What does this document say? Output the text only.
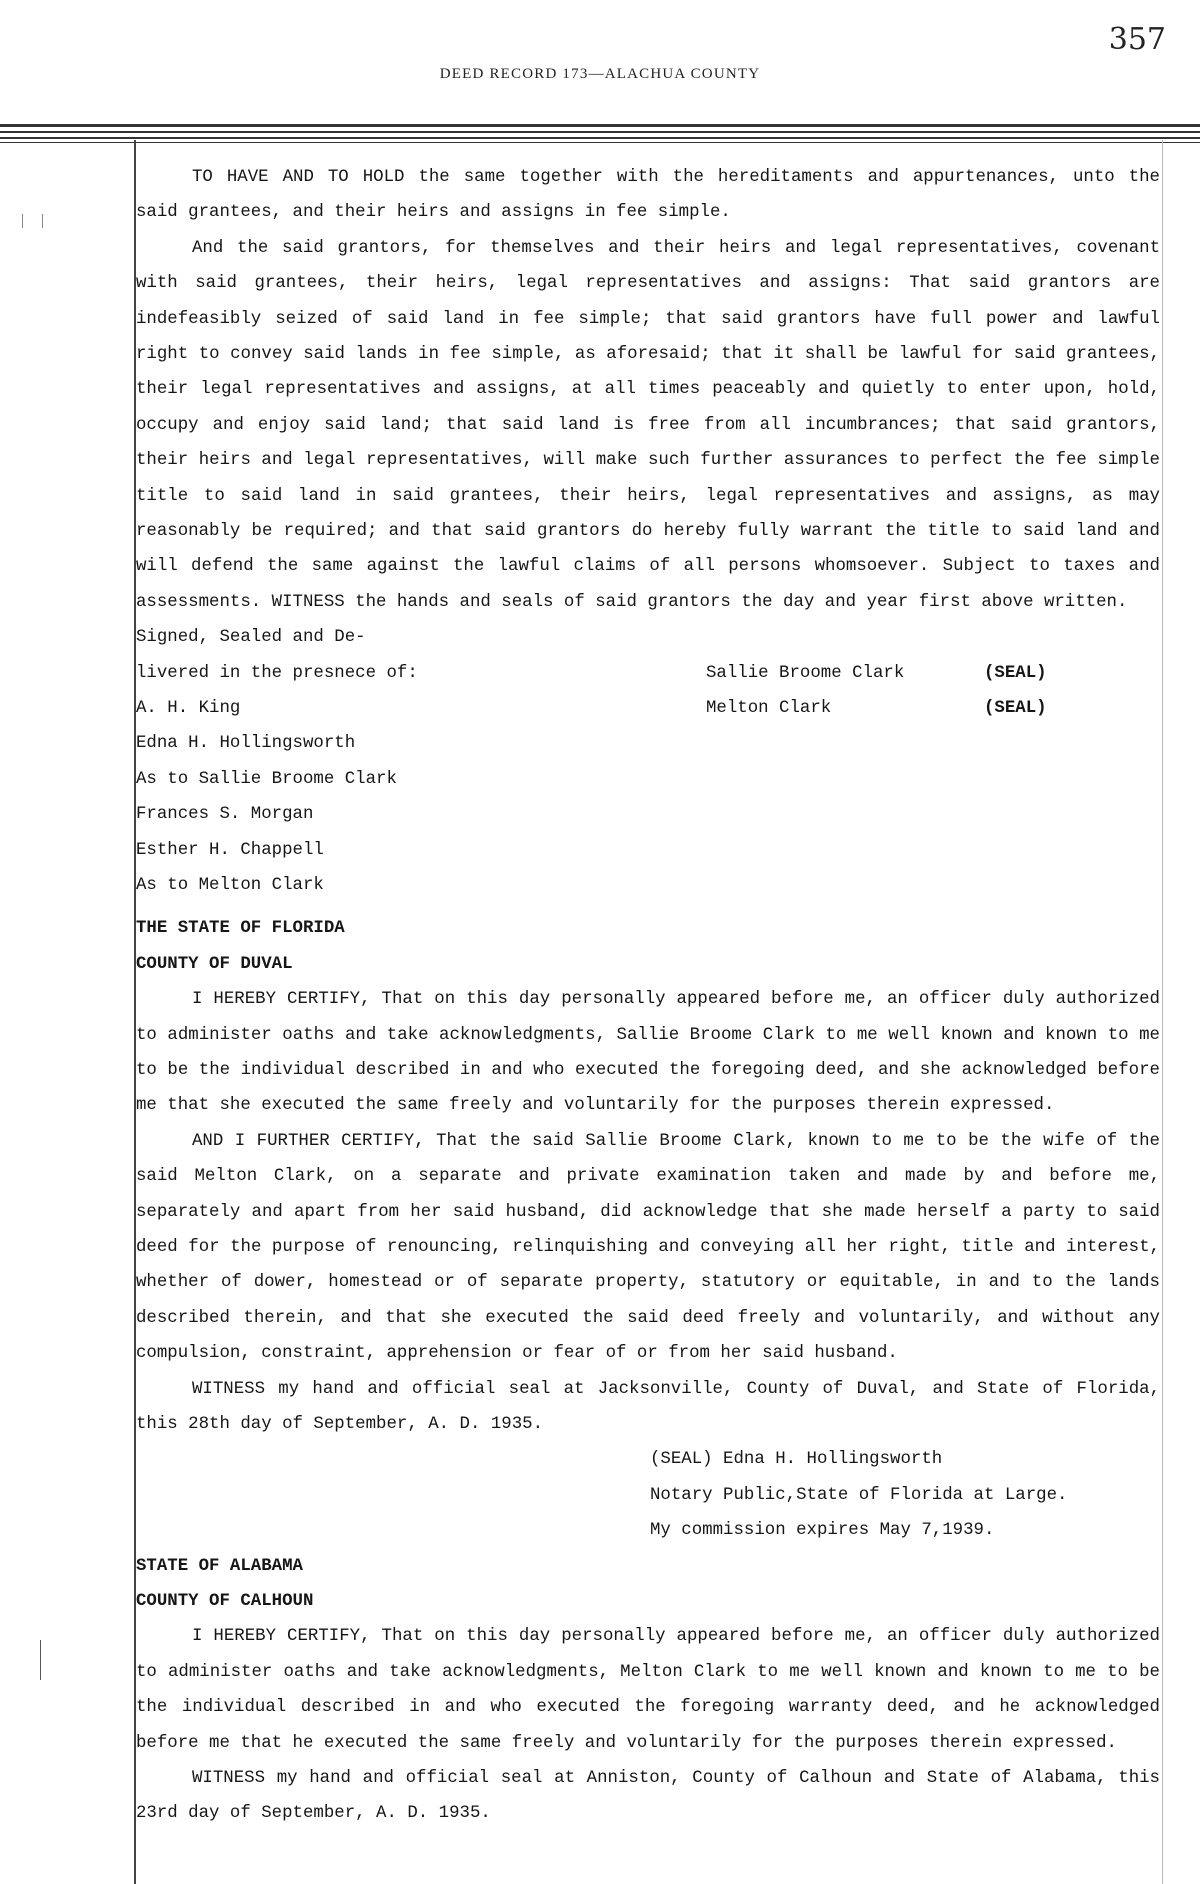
357
DEED RECORD 173—ALACHUA COUNTY

TO HAVE AND TO HOLD the same together with the hereditaments and appurtenances, unto the said grantees, and their heirs and assigns in fee simple.

And the said grantors, for themselves and their heirs and legal representatives, covenant with said grantees, their heirs, legal representatives and assigns: That said grantors are indefeasibly seized of said land in fee simple; that said grantors have full power and lawful right to convey said lands in fee simple, as aforesaid; that it shall be lawful for said grantees, their legal representatives and assigns, at all times peaceably and quietly to enter upon, hold, occupy and enjoy said land; that said land is free from all incumbrances; that said grantors, their heirs and legal representatives, will make such further assurances to perfect the fee simple title to said land in said grantees, their heirs, legal representatives and assigns, as may reasonably be required; and that said grantors do hereby fully warrant the title to said land and will defend the same against the lawful claims of all persons whomsoever. Subject to taxes and assessments. WITNESS the hands and seals of said grantors the day and year first above written.

Signed, Sealed and De-
livered in the presnece of:	Sallie Broome Clark	(SEAL)
A. H. King	Melton Clark	(SEAL)
Edna H. Hollingsworth
As to Sallie Broome Clark
Frances S. Morgan
Esther H. Chappell
As to Melton Clark
THE STATE OF FLORIDA
COUNTY OF DUVAL

I HEREBY CERTIFY, That on this day personally appeared before me, an officer duly authorized to administer oaths and take acknowledgments, Sallie Broome Clark to me well known and known to me to be the individual described in and who executed the foregoing deed, and she acknowledged before me that she executed the same freely and voluntarily for the purposes therein expressed.

AND I FURTHER CERTIFY, That the said Sallie Broome Clark, known to me to be the wife of the said Melton Clark, on a separate and private examination taken and made by and before me, separately and apart from her said husband, did acknowledge that she made herself a party to said deed for the purpose of renouncing, relinquishing and conveying all her right, title and interest, whether of dower, homestead or of separate property, statutory or equitable, in and to the lands described therein, and that she executed the said deed freely and voluntarily, and without any compulsion, constraint, apprehension or fear of or from her said husband.

WITNESS my hand and official seal at Jacksonville, County of Duval, and State of Florida, this 28th day of September, A. D. 1935.

(SEAL) Edna H. Hollingsworth
Notary Public,State of Florida at Large.
My commission expires May 7,1939.
STATE OF ALABAMA
COUNTY OF CALHOUN

I HEREBY CERTIFY, That on this day personally appeared before me, an officer duly authorized to administer oaths and take acknowledgments, Melton Clark to me well known and known to me to be the individual described in and who executed the foregoing warranty deed, and he acknowledged before me that he executed the same freely and voluntarily for the purposes therein expressed.

WITNESS my hand and official seal at Anniston, County of Calhoun and State of Alabama, this 23rd day of September, A. D. 1935.
